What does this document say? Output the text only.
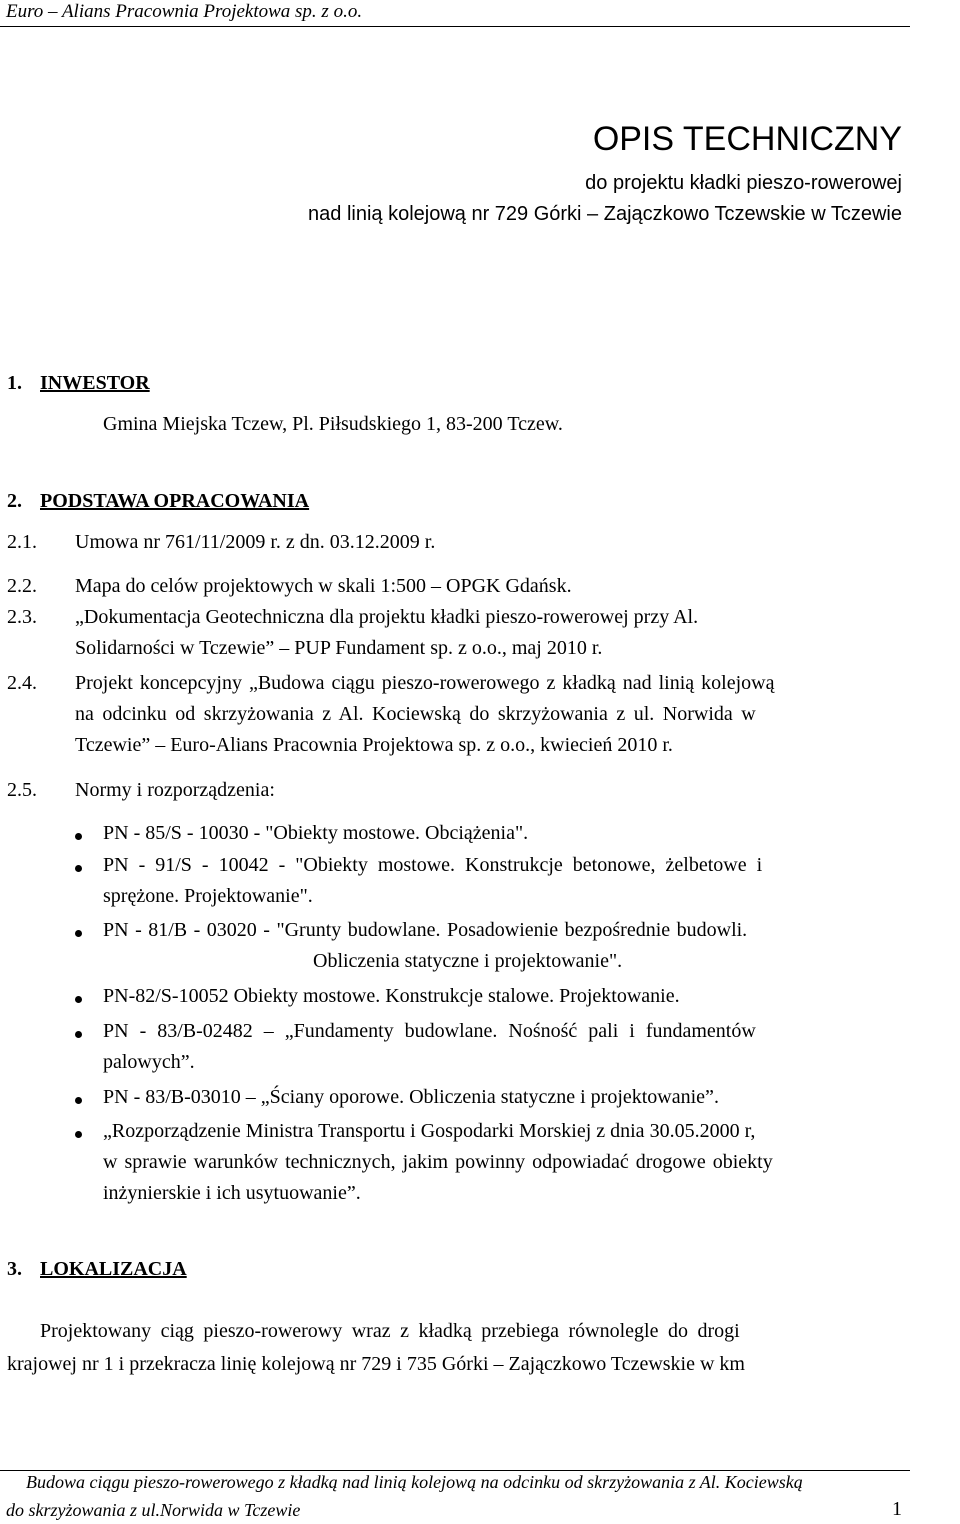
Euro – Alians Pracownia Projektowa sp. z o.o.
OPIS TECHNICZNY
do projektu kładki pieszo-rowerowej
nad linią kolejową nr 729 Górki – Zajączkowo Tczewskie w Tczewie
1. INWESTOR
Gmina Miejska Tczew, Pl. Piłsudskiego 1, 83-200 Tczew.
2. PODSTAWA OPRACOWANIA
2.1. Umowa nr 761/11/2009 r. z dn. 03.12.2009 r.
2.2. Mapa do celów projektowych w skali 1:500 – OPGK Gdańsk.
2.3. „Dokumentacja Geotechniczna dla projektu kładki pieszo-rowerowej przy Al.
Solidarności w Tczewie” – PUP Fundament sp. z o.o., maj 2010 r.
2.4. Projekt koncepcyjny „Budowa ciągu pieszo-rowerowego z kładką nad linią kolejową
na odcinku od skrzyżowania z Al. Kociewską do skrzyżowania z ul. Norwida w
Tczewie” – Euro-Alians Pracownia Projektowa sp. z o.o., kwiecień 2010 r.
2.5. Normy i rozporządzenia:
PN - 85/S - 10030 - "Obiekty mostowe. Obciążenia".
PN - 91/S - 10042 - "Obiekty mostowe. Konstrukcje betonowe, żelbetowe i
sprężone. Projektowanie".
PN - 81/B - 03020 - "Grunty budowlane. Posadowienie bezpośrednie budowli.
Obliczenia statyczne i projektowanie".
PN-82/S-10052 Obiekty mostowe. Konstrukcje stalowe. Projektowanie.
PN - 83/B-02482 – „Fundamenty budowlane. Nośność pali i fundamentów
palowych”.
PN - 83/B-03010 – „Ściany oporowe. Obliczenia statyczne i projektowanie”.
„Rozporządzenie Ministra Transportu i Gospodarki Morskiej z dnia 30.05.2000 r,
w sprawie warunków technicznych, jakim powinny odpowiadać drogowe obiekty
inżynierskie i ich usytuowanie”.
3. LOKALIZACJA
Projektowany ciąg pieszo-rowerowy wraz z kładką przebiega równolegle do drogi
krajowej nr 1 i przekracza linię kolejową nr 729 i 735 Górki – Zajączkowo Tczewskie w km
Budowa ciągu pieszo-rowerowego z kładką nad linią kolejową na odcinku od skrzyżowania z Al. Kociewską
do skrzyżowania z ul.Norwida w Tczewie	1
